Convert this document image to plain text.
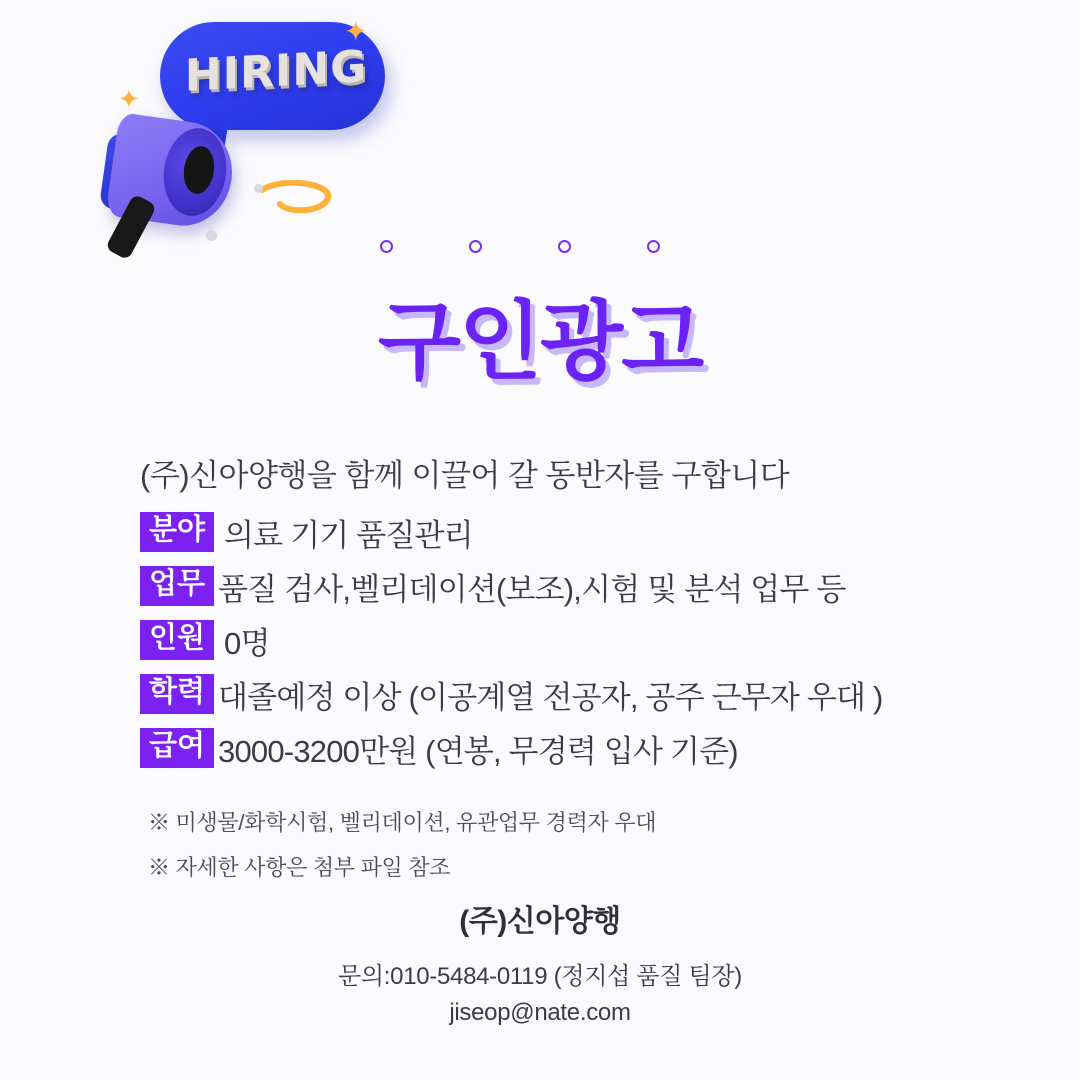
HIRING
✦
✦
구인광고
(주)신아양행을 함께 이끌어 갈 동반자를 구합니다
분야 의료 기기 품질관리
업무 품질 검사,벨리데이션(보조),시험 및 분석 업무 등
인원 0명
학력 대졸예정 이상 (이공계열 전공자, 공주 근무자 우대 )
급여 3000-3200만원 (연봉, 무경력 입사 기준)
※ 미생물/화학시험, 벨리데이션, 유관업무 경력자 우대
※ 자세한 사항은 첨부 파일 참조
(주)신아양행
문의:010-5484-0119 (정지섭 품질 팀장)
jiseop@nate.com
